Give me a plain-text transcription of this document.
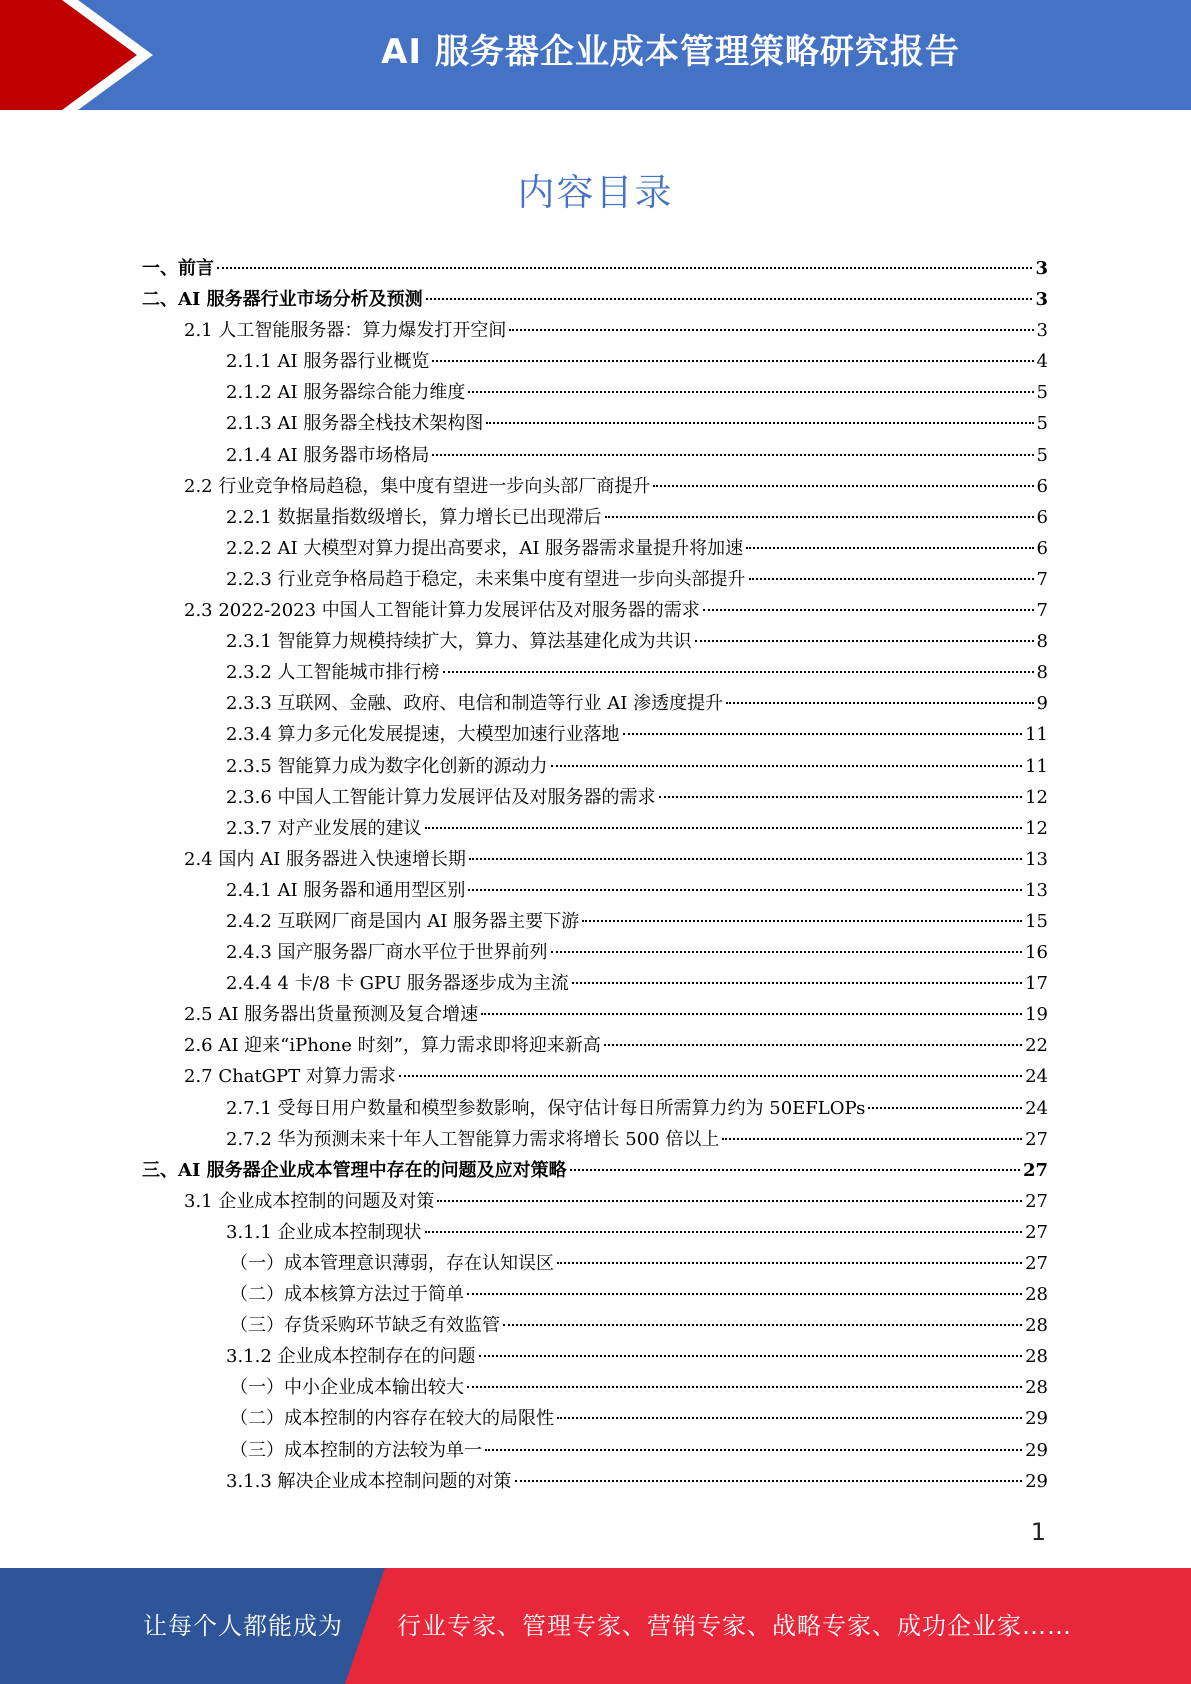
AI 服务器企业成本管理策略研究报告
内容目录
一、前言	3
二、AI 服务器行业市场分析及预测	3
2.1 人工智能服务器：算力爆发打开空间	3
2.1.1 AI 服务器行业概览	4
2.1.2 AI 服务器综合能力维度	5
2.1.3 AI 服务器全栈技术架构图	5
2.1.4 AI 服务器市场格局	5
2.2 行业竞争格局趋稳，集中度有望进一步向头部厂商提升	6
2.2.1 数据量指数级增长，算力增长已出现滞后	6
2.2.2 AI 大模型对算力提出高要求，AI 服务器需求量提升将加速	6
2.2.3 行业竞争格局趋于稳定，未来集中度有望进一步向头部提升	7
2.3 2022-2023 中国人工智能计算力发展评估及对服务器的需求	7
2.3.1 智能算力规模持续扩大，算力、算法基建化成为共识	8
2.3.2 人工智能城市排行榜	8
2.3.3 互联网、金融、政府、电信和制造等行业 AI 渗透度提升	9
2.3.4 算力多元化发展提速，大模型加速行业落地	11
2.3.5 智能算力成为数字化创新的源动力	11
2.3.6 中国人工智能计算力发展评估及对服务器的需求	12
2.3.7 对产业发展的建议	12
2.4 国内 AI 服务器进入快速增长期	13
2.4.1 AI 服务器和通用型区别	13
2.4.2 互联网厂商是国内 AI 服务器主要下游	15
2.4.3 国产服务器厂商水平位于世界前列	16
2.4.4 4 卡/8 卡 GPU 服务器逐步成为主流	17
2.5 AI 服务器出货量预测及复合增速	19
2.6 AI 迎来“iPhone 时刻”，算力需求即将迎来新高	22
2.7 ChatGPT 对算力需求	24
2.7.1 受每日用户数量和模型参数影响，保守估计每日所需算力约为 50EFLOPs	24
2.7.2 华为预测未来十年人工智能算力需求将增长 500 倍以上	27
三、AI 服务器企业成本管理中存在的问题及应对策略	27
3.1 企业成本控制的问题及对策	27
3.1.1 企业成本控制现状	27
（一）成本管理意识薄弱，存在认知误区	27
（二）成本核算方法过于简单	28
（三）存货采购环节缺乏有效监管	28
3.1.2 企业成本控制存在的问题	28
（一）中小企业成本输出较大	28
（二）成本控制的内容存在较大的局限性	29
（三）成本控制的方法较为单一	29
3.1.3 解决企业成本控制问题的对策	29
1
让每个人都能成为 行业专家、管理专家、营销专家、战略专家、成功企业家……
